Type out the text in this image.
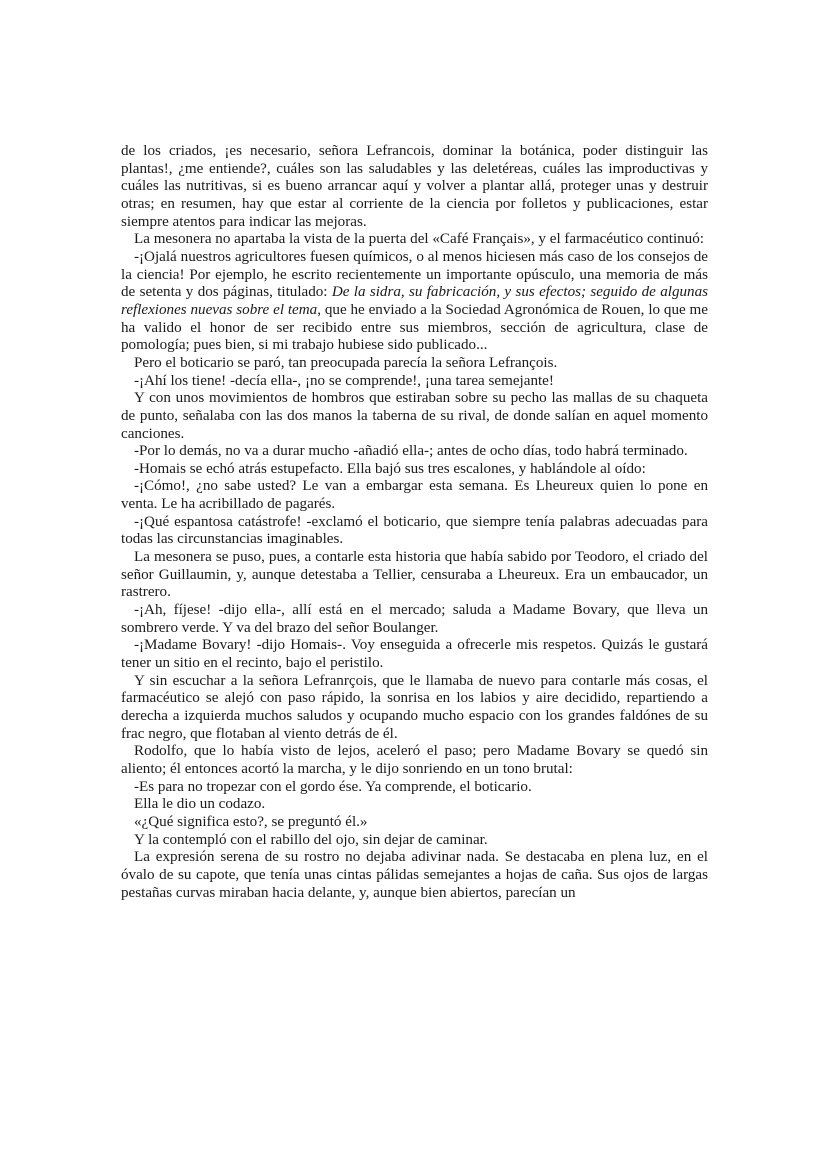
de los criados, ¡es necesario, señora Lefrancois, dominar la botánica, poder distinguir las plantas!, ¿me entiende?, cuáles son las saludables y las deletéreas, cuáles las improductivas y cuáles las nutritivas, si es bueno arrancar aquí y volver a plantar allá, proteger unas y destruir otras; en resumen, hay que estar al corriente de la ciencia por folletos y publicaciones, estar siempre atentos para indicar las mejoras.

La mesonera no apartaba la vista de la puerta del «Café Français», y el farmacéutico continuó:

-¡Ojalá nuestros agricultores fuesen químicos, o al menos hiciesen más caso de los consejos de la ciencia! Por ejemplo, he escrito recientemente un importante opúsculo, una memoria de más de setenta y dos páginas, titulado: De la sidra, su fabricación, y sus efectos; seguido de algunas reflexiones nuevas sobre el tema, que he enviado a la Sociedad Agronómica de Rouen, lo que me ha valido el honor de ser recibido entre sus miembros, sección de agricultura, clase de pomología; pues bien, si mi trabajo hubiese sido publicado...

Pero el boticario se paró, tan preocupada parecía la señora Lefrançois.

-¡Ahí los tiene! -decía ella-, ¡no se comprende!, ¡una tarea semejante!

Y con unos movimientos de hombros que estiraban sobre su pecho las mallas de su chaqueta de punto, señalaba con las dos manos la taberna de su rival, de donde salían en aquel momento canciones.

-Por lo demás, no va a durar mucho -añadió ella-; antes de ocho días, todo habrá terminado.

-Homais se echó atrás estupefacto. Ella bajó sus tres escalones, y hablándole al oído:

-¡Cómo!, ¿no sabe usted? Le van a embargar esta semana. Es Lheureux quien lo pone en venta. Le ha acribillado de pagarés.

-¡Qué espantosa catástrofe! -exclamó el boticario, que siempre tenía palabras adecuadas para todas las circunstancias imaginables.

La mesonera se puso, pues, a contarle esta historia que había sabido por Teodoro, el criado del señor Guillaumin, y, aunque detestaba a Tellier, censuraba a Lheureux. Era un embaucador, un rastrero.

-¡Ah, fíjese! -dijo ella-, allí está en el mercado; saluda a Madame Bovary, que lleva un sombrero verde. Y va del brazo del señor Boulanger.

-¡Madame Bovary! -dijo Homais-. Voy enseguida a ofrecerle mis respetos. Quizás le gustará tener un sitio en el recinto, bajo el peristilo.

Y sin escuchar a la señora Lefranrçois, que le llamaba de nuevo para contarle más cosas, el farmacéutico se alejó con paso rápido, la sonrisa en los labios y aire decidido, repartiendo a derecha a izquierda muchos saludos y ocupando mucho espacio con los grandes faldónes de su frac negro, que flotaban al viento detrás de él.

Rodolfo, que lo había visto de lejos, aceleró el paso; pero Madame Bovary se quedó sin aliento; él entonces acortó la marcha, y le dijo sonriendo en un tono brutal:

-Es para no tropezar con el gordo ése. Ya comprende, el boticario.

Ella le dio un codazo.

«¿Qué significa esto?, se preguntó él.»

Y la contempló con el rabillo del ojo, sin dejar de caminar.

La expresión serena de su rostro no dejaba adivinar nada. Se destacaba en plena luz, en el óvalo de su capote, que tenía unas cintas pálidas semejantes a hojas de caña. Sus ojos de largas pestañas curvas miraban hacia delante, y, aunque bien abiertos, parecían un
